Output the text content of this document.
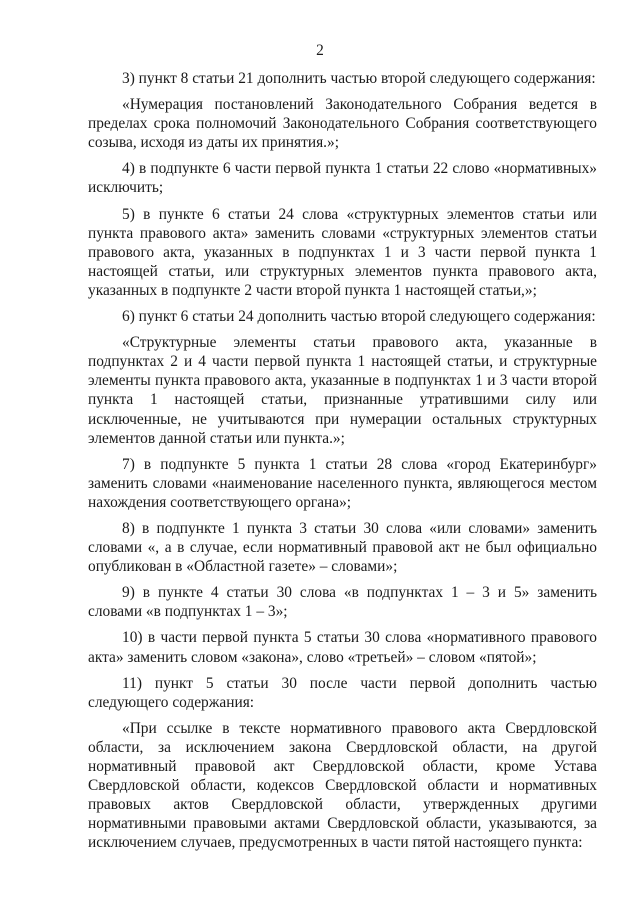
2

3) пункт 8 статьи 21 дополнить частью второй следующего содержания:

«Нумерация постановлений Законодательного Собрания ведется в пределах срока полномочий Законодательного Собрания соответствующего созыва, исходя из даты их принятия.»;

4) в подпункте 6 части первой пункта 1 статьи 22 слово «нормативных» исключить;

5) в пункте 6 статьи 24 слова «структурных элементов статьи или пункта правового акта» заменить словами «структурных элементов статьи правового акта, указанных в подпунктах 1 и 3 части первой пункта 1 настоящей статьи, или структурных элементов пункта правового акта, указанных в подпункте 2 части второй пункта 1 настоящей статьи,»;

6) пункт 6 статьи 24 дополнить частью второй следующего содержания:

«Структурные элементы статьи правового акта, указанные в подпунктах 2 и 4 части первой пункта 1 настоящей статьи, и структурные элементы пункта правового акта, указанные в подпунктах 1 и 3 части второй пункта 1 настоящей статьи, признанные утратившими силу или исключенные, не учитываются при нумерации остальных структурных элементов данной статьи или пункта.»;

7) в подпункте 5 пункта 1 статьи 28 слова «город Екатеринбург» заменить словами «наименование населенного пункта, являющегося местом нахождения соответствующего органа»;

8) в подпункте 1 пункта 3 статьи 30 слова «или словами» заменить словами «, а в случае, если нормативный правовой акт не был официально опубликован в «Областной газете» – словами»;

9) в пункте 4 статьи 30 слова «в подпунктах 1 – 3 и 5» заменить словами «в подпунктах 1 – 3»;

10) в части первой пункта 5 статьи 30 слова «нормативного правового акта» заменить словом «закона», слово «третьей» – словом «пятой»;

11) пункт 5 статьи 30 после части первой дополнить частью следующего содержания:

«При ссылке в тексте нормативного правового акта Свердловской области, за исключением закона Свердловской области, на другой нормативный правовой акт Свердловской области, кроме Устава Свердловской области, кодексов Свердловской области и нормативных правовых актов Свердловской области, утвержденных другими нормативными правовыми актами Свердловской области, указываются, за исключением случаев, предусмотренных в части пятой настоящего пункта:
